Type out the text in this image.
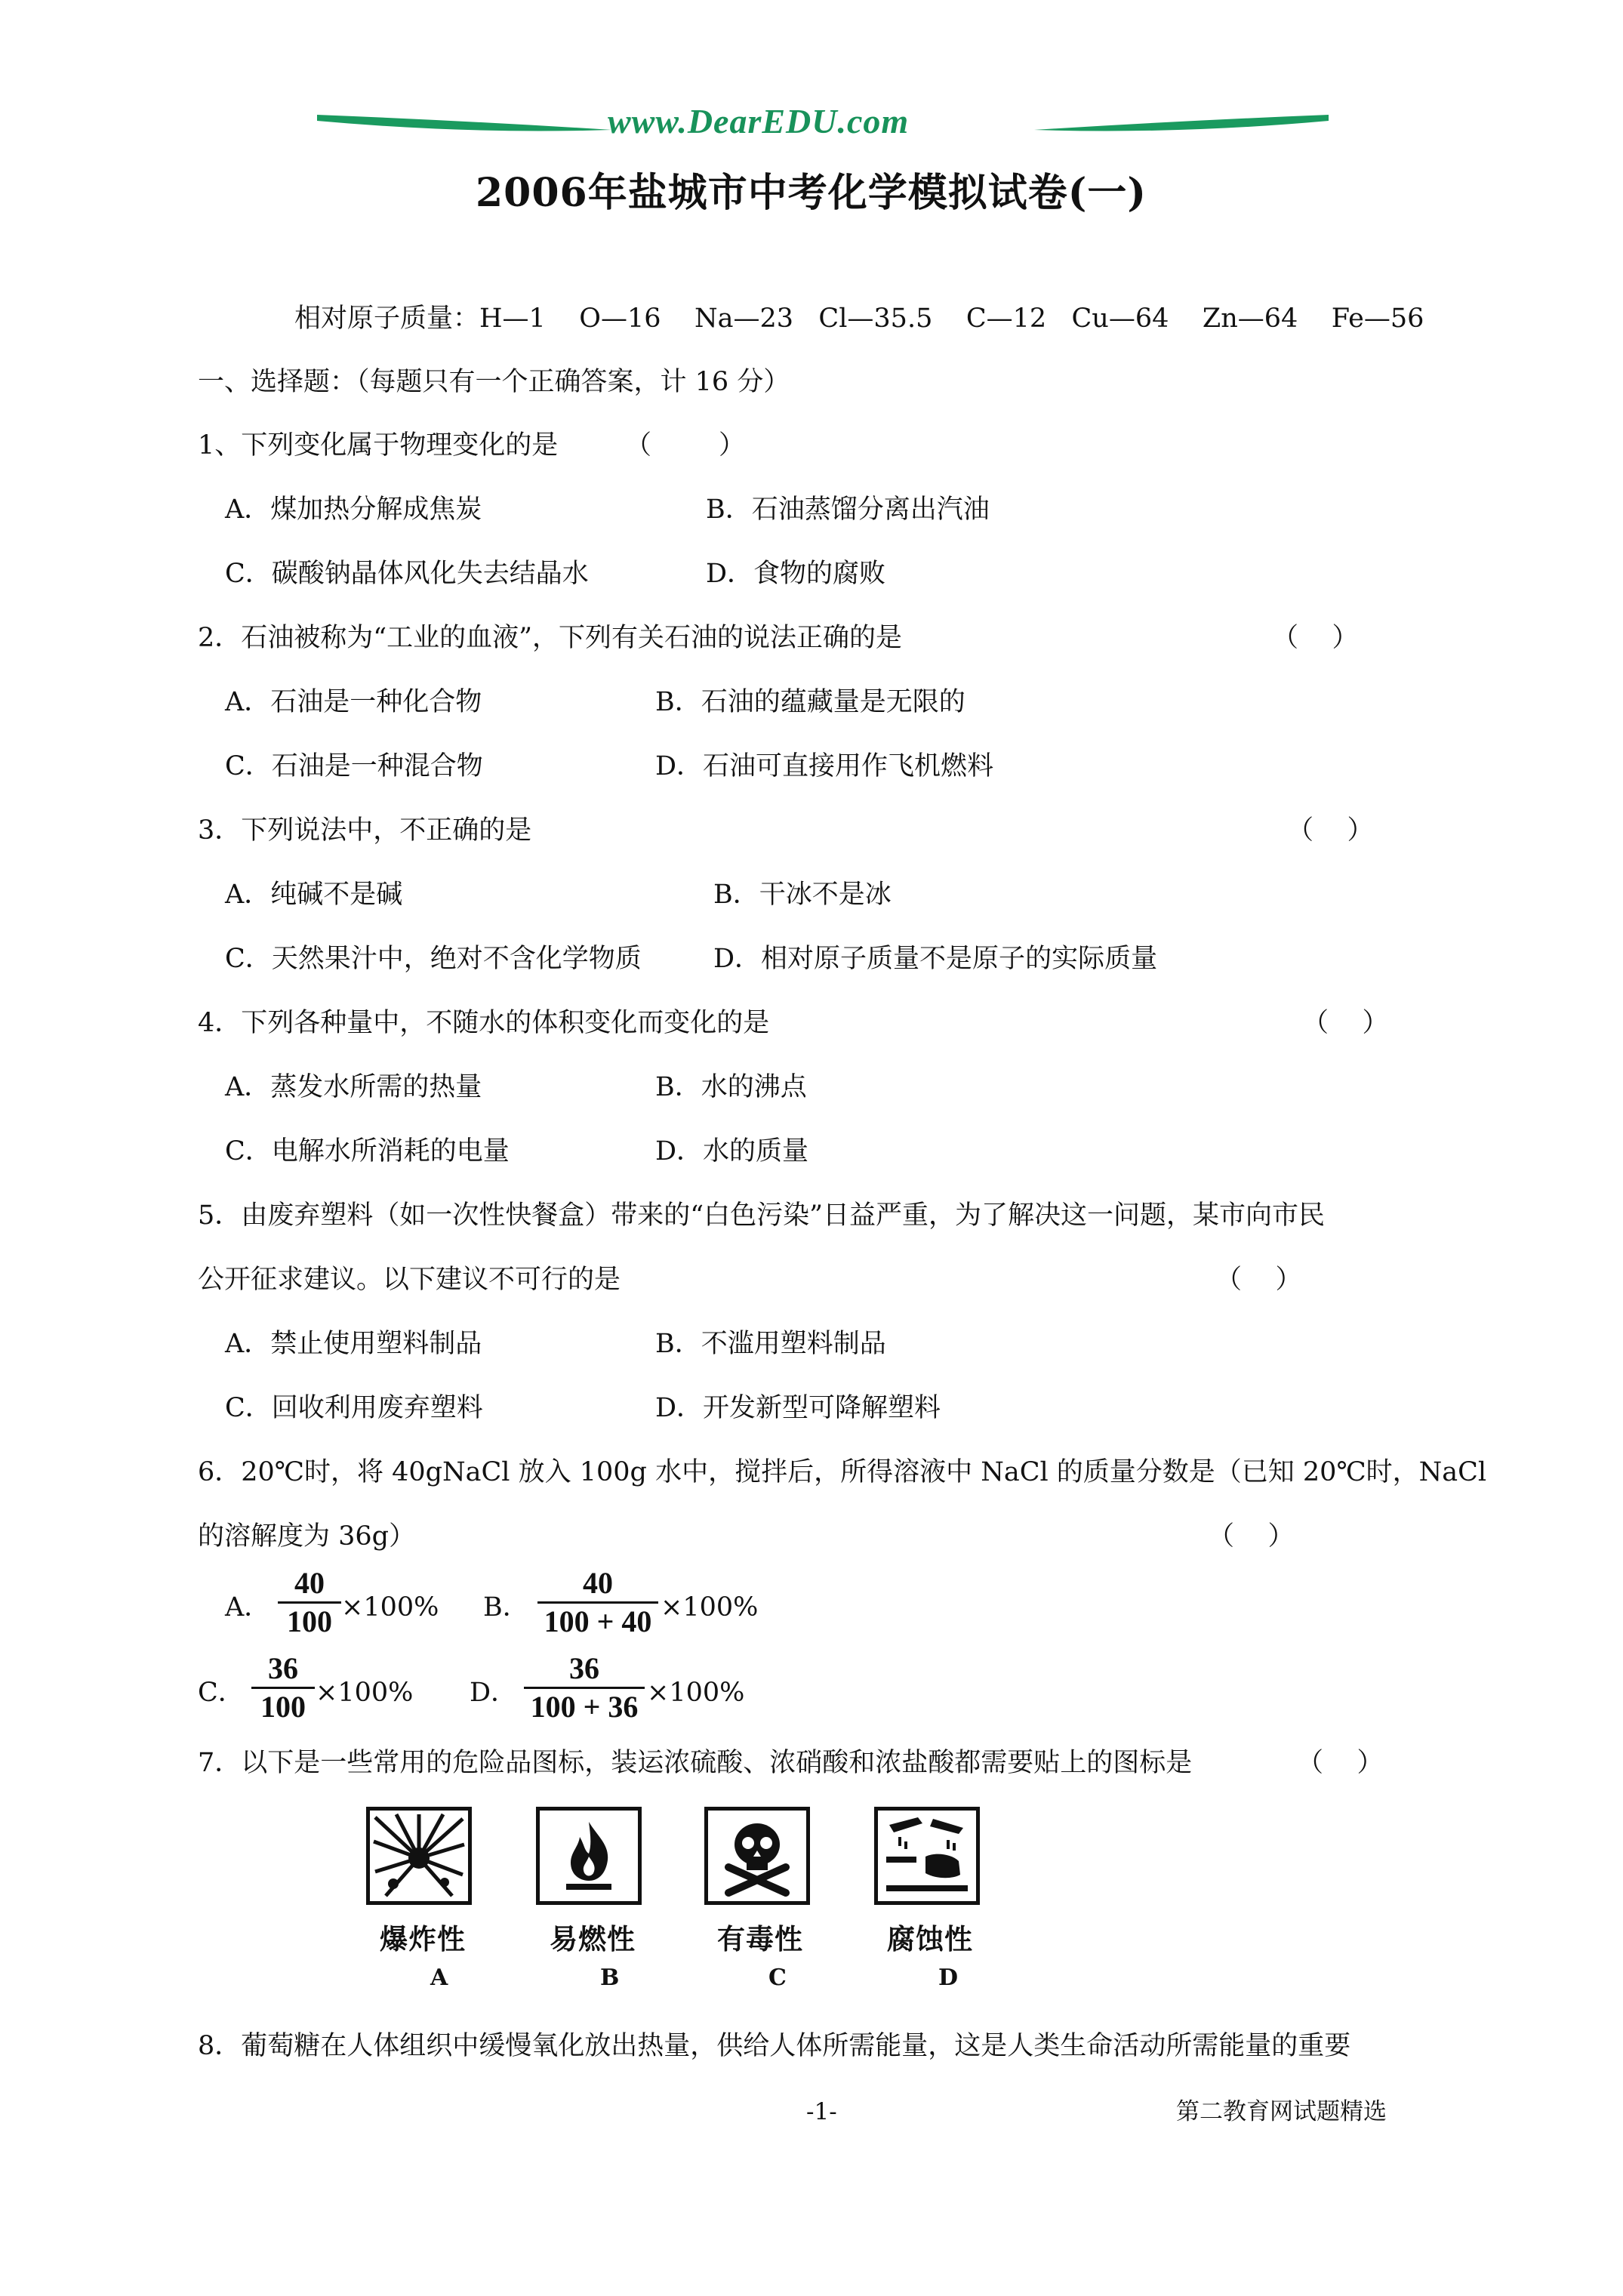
www.DearEDU.com
2006年盐城市中考化学模拟试卷(一)
相对原子质量：H—1    O—16    Na—23   Cl—35.5    C—12   Cu—64    Zn—64    Fe—56
一、选择题：（每题只有一个正确答案，计 16 分）
1、下列变化属于物理变化的是	（        ）
A．煤加热分解成焦炭	B．石油蒸馏分离出汽油
C．碳酸钠晶体风化失去结晶水	D．食物的腐败
2．石油被称为“工业的血液”，下列有关石油的说法正确的是	（    ）
A．石油是一种化合物	B．石油的蕴藏量是无限的
C．石油是一种混合物	D．石油可直接用作飞机燃料
3．下列说法中，不正确的是	（    ）
A．纯碱不是碱	B．干冰不是冰
C．天然果汁中，绝对不含化学物质	D．相对原子质量不是原子的实际质量
4．下列各种量中，不随水的体积变化而变化的是	（    ）
A．蒸发水所需的热量	B．水的沸点
C．电解水所消耗的电量	D．水的质量
5．由废弃塑料（如一次性快餐盒）带来的“白色污染”日益严重，为了解决这一问题，某市向市民
公开征求建议。以下建议不可行的是	（    ）
A．禁止使用塑料制品	B．不滥用塑料制品
C．回收利用废弃塑料	D．开发新型可降解塑料
6．20℃时，将 40gNaCl 放入 100g 水中，搅拌后，所得溶液中 NaCl 的质量分数是（已知 20℃时，NaCl
的溶解度为 36g）	（    ）
A．
40
100 ×100% B．
40
100 + 40 ×100%
C．
36
100 ×100% D．
36
100 + 36 ×100%
7．以下是一些常用的危险品图标，装运浓硫酸、浓硝酸和浓盐酸都需要贴上的图标是	（    ）
爆炸性
A
易燃性
B
有毒性
C
腐蚀性
D
8．葡萄糖在人体组织中缓慢氧化放出热量，供给人体所需能量，这是人类生命活动所需能量的重要
-1-	第二教育网试题精选
